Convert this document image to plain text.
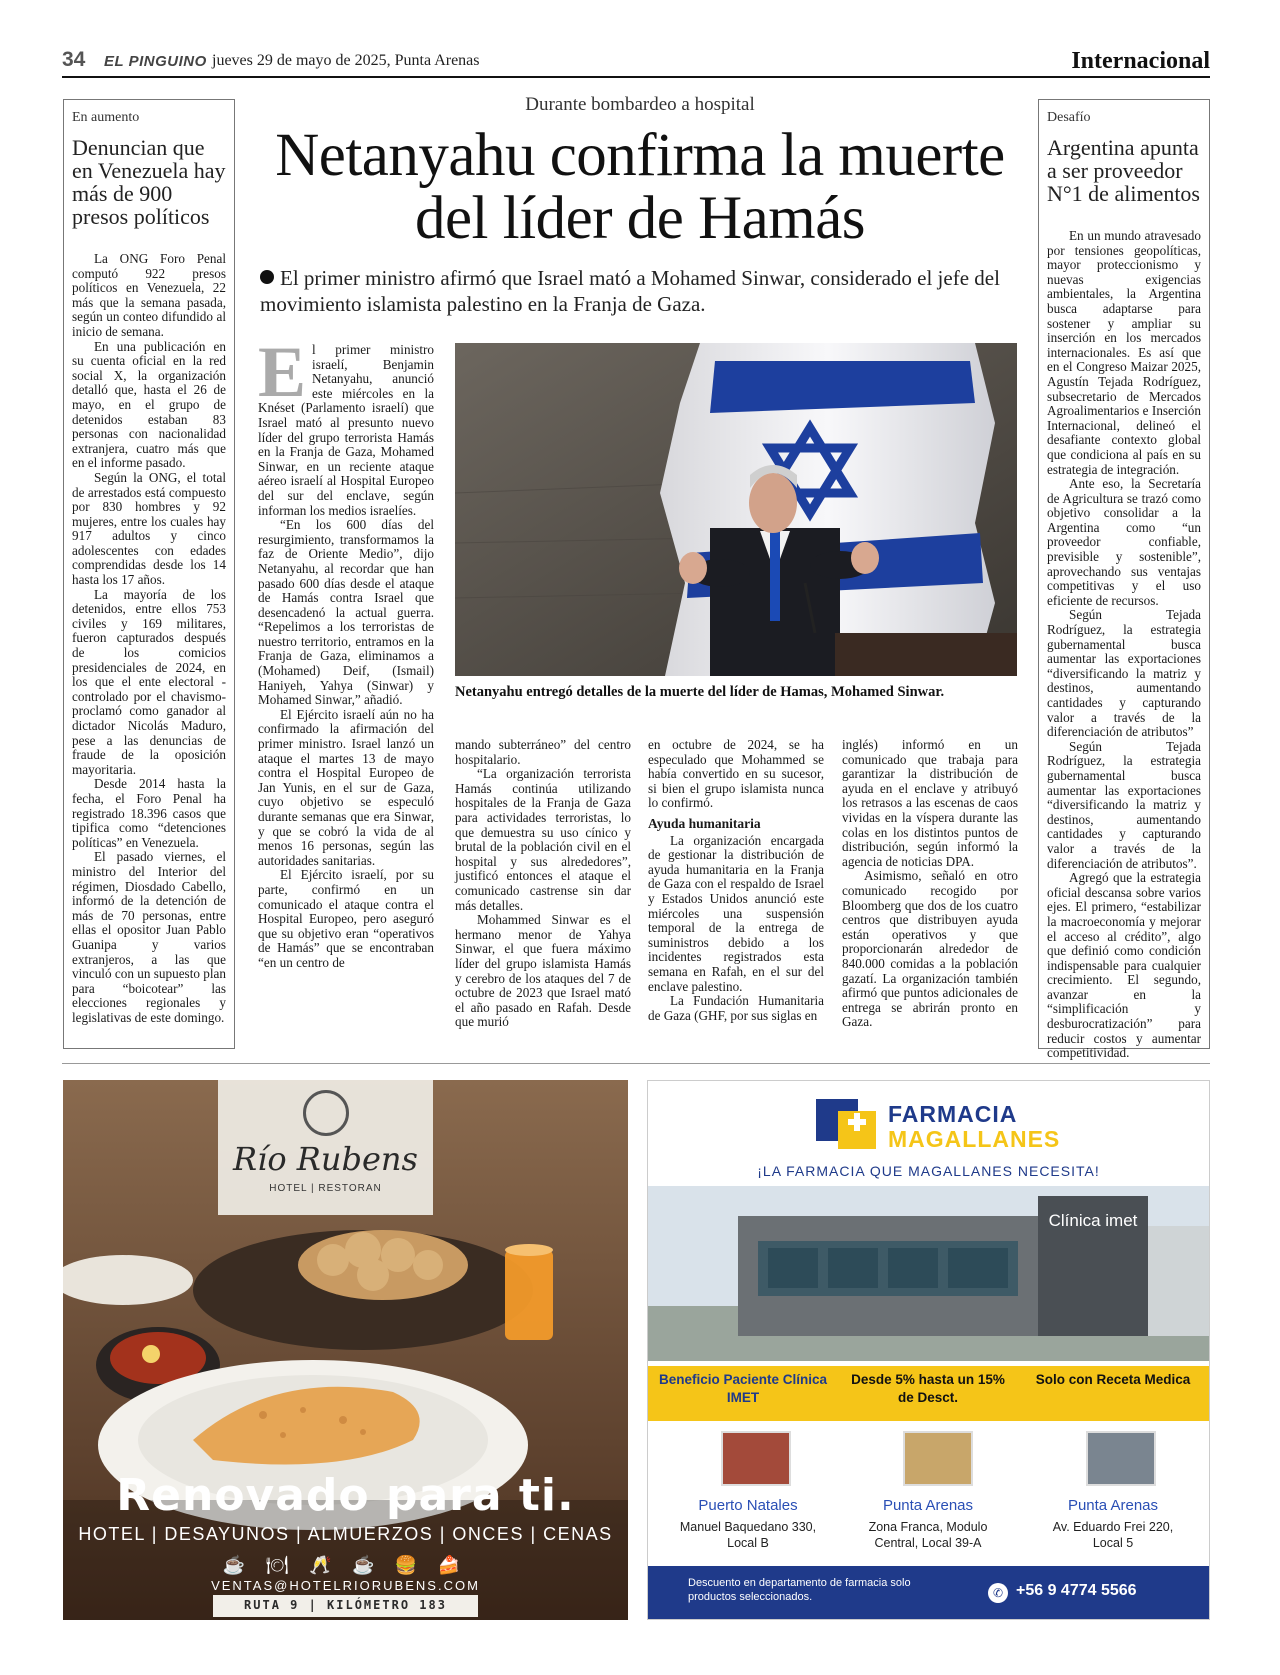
34 EL PINGUINO jueves 29 de mayo de 2025, Punta Arenas	Internacional
En aumento
Denuncian que en Venezuela hay más de 900 presos políticos

La ONG Foro Penal computó 922 presos políticos en Venezuela, 22 más que la semana pasada, según un conteo difundido al inicio de semana.

En una publicación en su cuenta oficial en la red social X, la organización detalló que, hasta el 26 de mayo, en el grupo de detenidos estaban 83 personas con nacionalidad extranjera, cuatro más que en el informe pasado.

Según la ONG, el total de arrestados está compuesto por 830 hombres y 92 mujeres, entre los cuales hay 917 adultos y cinco adolescentes con edades comprendidas desde los 14 hasta los 17 años.

La mayoría de los detenidos, entre ellos 753 civiles y 169 militares, fueron capturados después de los comicios presidenciales de 2024, en los que el ente electoral -controlado por el chavismo- proclamó como ganador al dictador Nicolás Maduro, pese a las denuncias de fraude de la oposición mayoritaria.

Desde 2014 hasta la fecha, el Foro Penal ha registrado 18.396 casos que tipifica como “detenciones políticas” en Venezuela.

El pasado viernes, el ministro del Interior del régimen, Diosdado Cabello, informó de la detención de más de 70 personas, entre ellas el opositor Juan Pablo Guanipa y varios extranjeros, a las que vinculó con un supuesto plan para “boicotear” las elecciones regionales y legislativas de este domingo.

Desafío
Argentina apunta a ser proveedor N°1 de alimentos

En un mundo atravesado por tensiones geopolíticas, mayor proteccionismo y nuevas exigencias ambientales, la Argentina busca adaptarse para sostener y ampliar su inserción en los mercados internacionales. Es así que en el Congreso Maizar 2025, Agustín Tejada Rodríguez, subsecretario de Mercados Agroalimentarios e Inserción Internacional, delineó el desafiante contexto global que condiciona al país en su estrategia de integración.

Ante eso, la Secretaría de Agricultura se trazó como objetivo consolidar a la Argentina como “un proveedor confiable, previsible y sostenible”, aprovechando sus ventajas competitivas y el uso eficiente de recursos.

Según Tejada Rodríguez, la estrategia gubernamental busca aumentar las exportaciones “diversificando la matriz y destinos, aumentando cantidades y capturando valor a través de la diferenciación de atributos”

Según Tejada Rodríguez, la estrategia gubernamental busca aumentar las exportaciones “diversificando la matriz y destinos, aumentando cantidades y capturando valor a través de la diferenciación de atributos”.

Agregó que la estrategia oficial descansa sobre varios ejes. El primero, “estabilizar la macroeconomía y mejorar el acceso al crédito”, algo que definió como condición indispensable para cualquier crecimiento. El segundo, avanzar en la “simplificación y desburocratización” para reducir costos y aumentar competitividad.

Durante bombardeo a hospital
Netanyahu confirma la muerte del líder de Hamás
El primer ministro afirmó que Israel mató a Mohamed Sinwar, considerado el jefe del movimiento islamista palestino en la Franja de Gaza.

El primer ministro israelí, Benjamin Netanyahu, anunció este miércoles en la Knéset (Parlamento israelí) que Israel mató al presunto nuevo líder del grupo terrorista Hamás en la Franja de Gaza, Mohamed Sinwar, en un reciente ataque aéreo israelí al Hospital Europeo del sur del enclave, según informan los medios israelíes.

“En los 600 días del resurgimiento, transformamos la faz de Oriente Medio”, dijo Netanyahu, al recordar que han pasado 600 días desde el ataque de Hamás contra Israel que desencadenó la actual guerra. “Repelimos a los terroristas de nuestro territorio, entramos en la Franja de Gaza, eliminamos a (Mohamed) Deif, (Ismail) Haniyeh, Yahya (Sinwar) y Mohamed Sinwar,” añadió.

El Ejército israelí aún no ha confirmado la afirmación del primer ministro. Israel lanzó un ataque el martes 13 de mayo contra el Hospital Europeo de Jan Yunis, en el sur de Gaza, cuyo objetivo se especuló durante semanas que era Sinwar, y que se cobró la vida de al menos 16 personas, según las autoridades sanitarias.

El Ejército israelí, por su parte, confirmó en un comunicado el ataque contra el Hospital Europeo, pero aseguró que su objetivo eran “operativos de Hamás” que se encontraban “en un centro de

Netanyahu entregó detalles de la muerte del líder de Hamas, Mohamed Sinwar.

mando subterráneo” del centro hospitalario.

“La organización terrorista Hamás continúa utilizando hospitales de la Franja de Gaza para actividades terroristas, lo que demuestra su uso cínico y brutal de la población civil en el hospital y sus alrededores”, justificó entonces el ataque el comunicado castrense sin dar más detalles.

Mohammed Sinwar es el hermano menor de Yahya Sinwar, el que fuera máximo líder del grupo islamista Hamás y cerebro de los ataques del 7 de octubre de 2023 que Israel mató el año pasado en Rafah. Desde que murió

en octubre de 2024, se ha especulado que Mohammed se había convertido en su sucesor, si bien el grupo islamista nunca lo confirmó.

Ayuda humanitaria

La organización encargada de gestionar la distribución de ayuda humanitaria en la Franja de Gaza con el respaldo de Israel y Estados Unidos anunció este miércoles una suspensión temporal de la entrega de suministros debido a los incidentes registrados esta semana en Rafah, en el sur del enclave palestino.

La Fundación Humanitaria de Gaza (GHF, por sus siglas en

inglés) informó en un comunicado que trabaja para garantizar la distribución de ayuda en el enclave y atribuyó los retrasos a las escenas de caos vividas en la víspera durante las colas en los distintos puntos de distribución, según informó la agencia de noticias DPA.

Asimismo, señaló en otro comunicado recogido por Bloomberg que dos de los cuatro centros que distribuyen ayuda están operativos y que proporcionarán alrededor de 840.000 comidas a la población gazatí. La organización también afirmó que puntos adicionales de entrega se abrirán pronto en Gaza.

Río Rubens
HOTEL | RESTORAN
Renovado para ti.
HOTEL | DESAYUNOS | ALMUERZOS | ONCES | CENAS
☕ 🍽 🥂 ☕ 🍔 🍰
VENTAS@HOTELRIORUBENS.COM
RUTA 9 | KILÓMETRO 183
FARMACIA
MAGALLANES
¡LA FARMACIA QUE MAGALLANES NECESITA!
Clínica imet
Beneficio Paciente Clínica IMET
Desde 5% hasta un 15% de Desct.
Solo con Receta Medica
Puerto Natales
Manuel Baquedano 330, Local B
Punta Arenas
Zona Franca, Modulo Central, Local 39-A
Punta Arenas
Av. Eduardo Frei 220, Local 5
Descuento en departamento de farmacia solo productos seleccionados.	✆ +56 9 4774 5566
